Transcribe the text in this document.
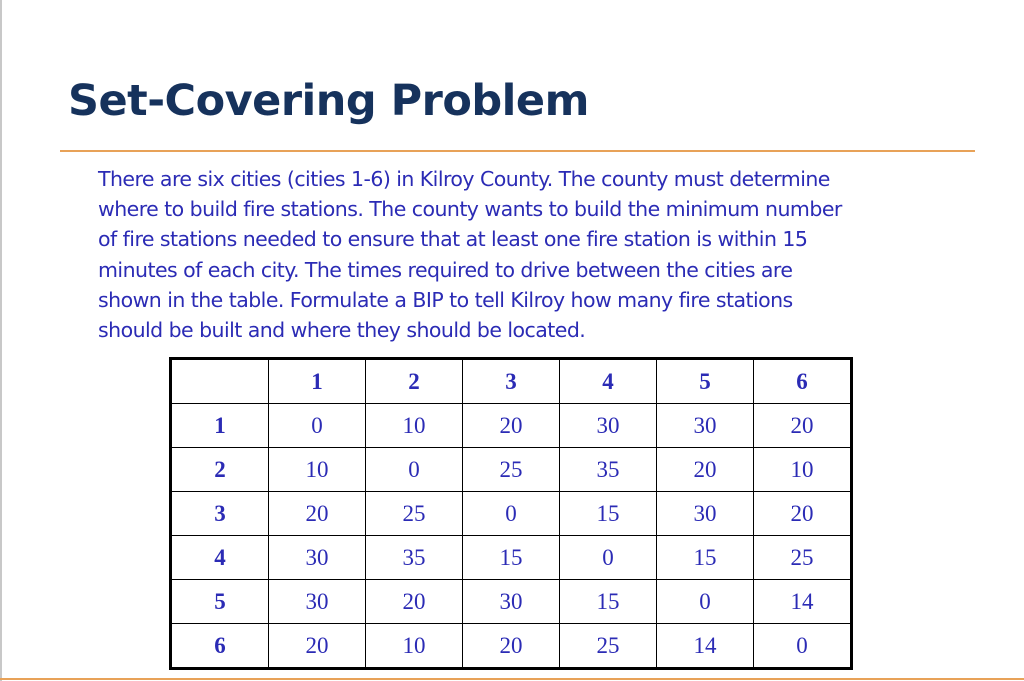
Set-Covering Problem

There are six cities (cities 1-6) in Kilroy County. The county must determine
where to build fire stations. The county wants to build the minimum number
of fire stations needed to ensure that at least one fire station is within 15
minutes of each city. The times required to drive between the cities are
shown in the table. Formulate a BIP to tell Kilroy how many fire stations
should be built and where they should be located.

	1	2	3	4	5	6
1	0	10	20	30	30	20
2	10	0	25	35	20	10
3	20	25	0	15	30	20
4	30	35	15	0	15	25
5	30	20	30	15	0	14
6	20	10	20	25	14	0
